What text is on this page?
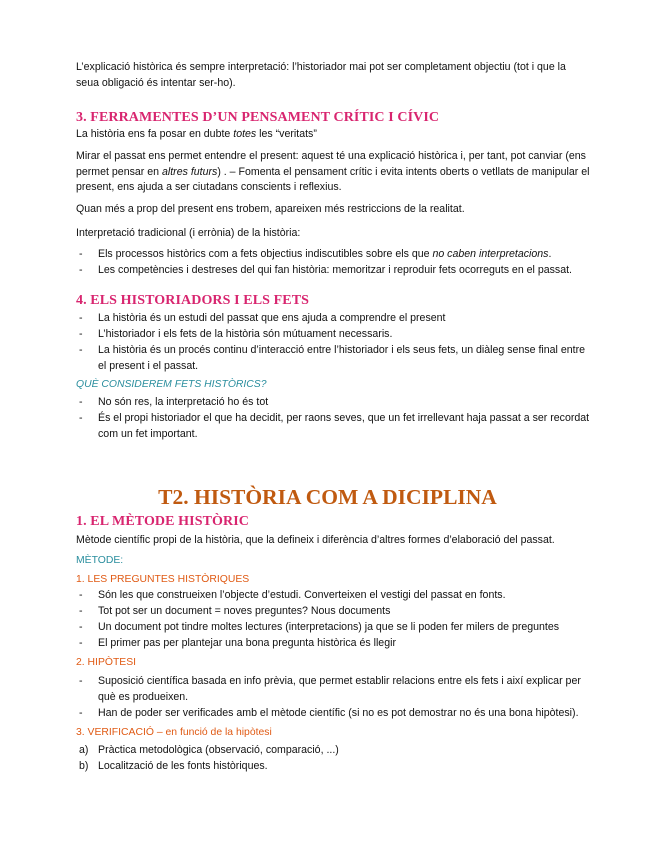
L’explicació històrica és sempre interpretació: l’historiador mai pot ser completament objectiu (tot i que la seua obligació és intentar ser-ho).

3. FERRAMENTES D’UN PENSAMENT CRÍTIC I CÍVIC

La història ens fa posar en dubte totes les “veritats”

Mirar el passat ens permet entendre el present: aquest té una explicació històrica i, per tant, pot canviar (ens permet pensar en altres futurs) . – Fomenta el pensament crític i evita intents oberts o vetllats de manipular el present, ens ajuda a ser ciutadans conscients i reflexius.

Quan més a prop del present ens trobem, apareixen més restriccions de la realitat.

Interpretació tradicional (i errònia) de la història:

- Els processos històrics com a fets objectius indiscutibles sobre els que no caben interpretacions.
- Les competències i destreses del qui fan història: memoritzar i reproduir fets ocorreguts en el passat.
4. ELS HISTORIADORS I ELS FETS
- La història és un estudi del passat que ens ajuda a comprendre el present
- L’historiador i els fets de la història són mútuament necessaris.
- La història és un procés continu d’interacció entre l’historiador i els seus fets, un diàleg sense final entre el present i el passat.

QUÈ CONSIDEREM FETS HISTÒRICS?

- No són res, la interpretació ho és tot
- És el propi historiador el que ha decidit, per raons seves, que un fet irrellevant haja passat a ser recordat com un fet important.
T2. HISTÒRIA COM A DICIPLINA
1. EL MÈTODE HISTÒRIC

Mètode científic propi de la història, que la defineix i diferència d’altres formes d’elaboració del passat.

MÈTODE:

1. LES PREGUNTES HISTÒRIQUES

- Són les que construeixen l’objecte d’estudi. Converteixen el vestigi del passat en fonts.
- Tot pot ser un document = noves preguntes? Nous documents
- Un document pot tindre moltes lectures (interpretacions) ja que se li poden fer milers de preguntes
- El primer pas per plantejar una bona pregunta històrica és llegir

2. HIPÒTESI

- Suposició científica basada en info prèvia, que permet establir relacions entre els fets i així explicar per què es produeixen.
- Han de poder ser verificades amb el mètode científic (si no es pot demostrar no és una bona hipòtesi).

3. VERIFICACIÓ – en funció de la hipòtesi

a) Pràctica metodològica (observació, comparació, ...)
b) Localització de les fonts històriques.
